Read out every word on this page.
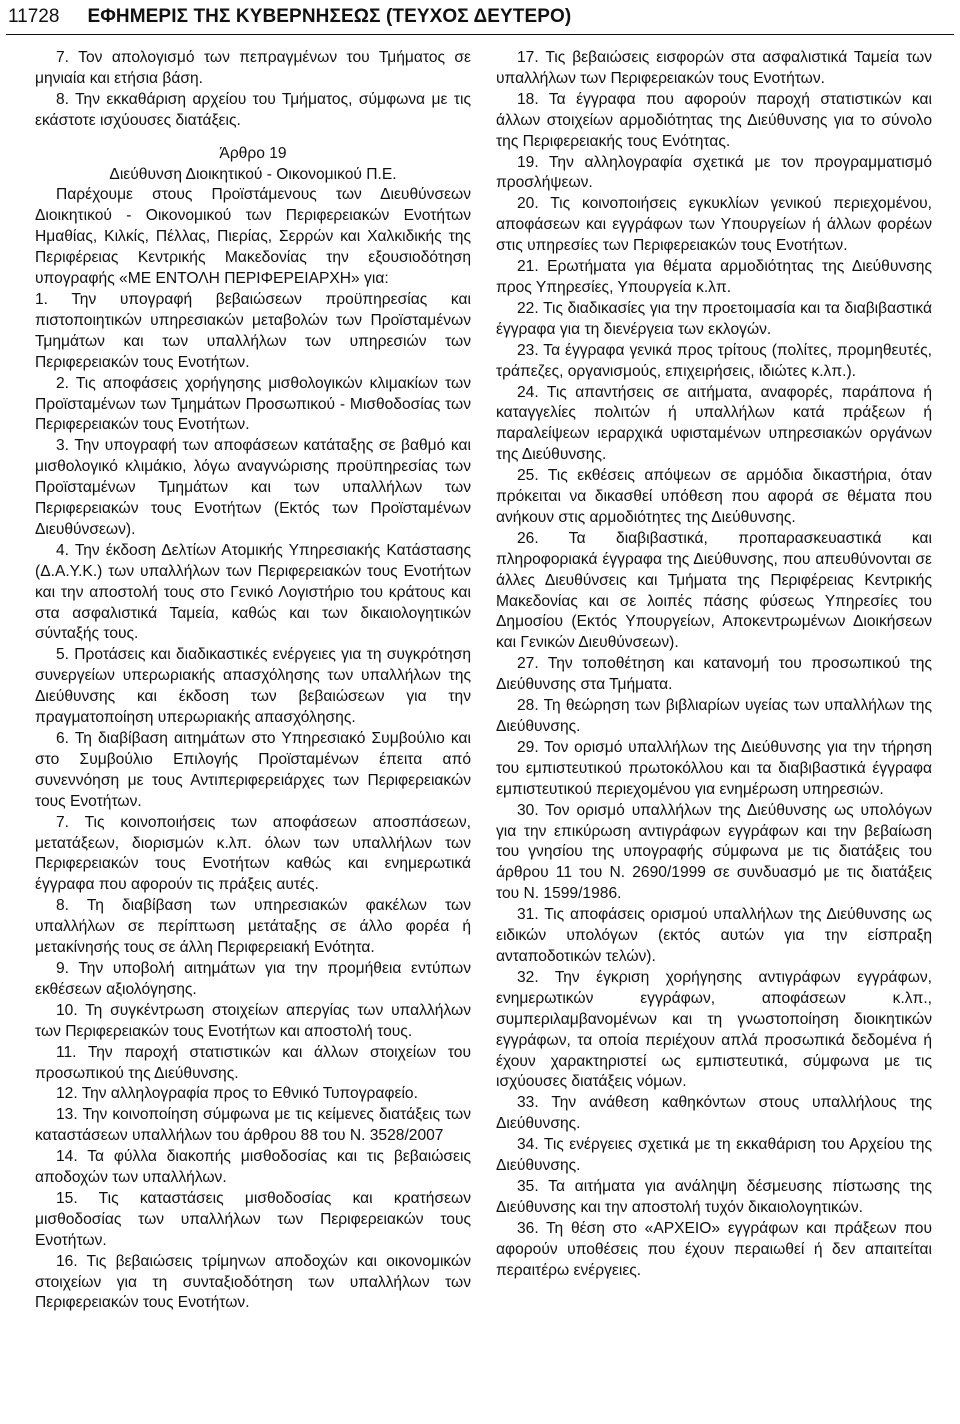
11728 ΕΦΗΜΕΡΙΣ ΤΗΣ ΚΥΒΕΡΝΗΣΕΩΣ (ΤΕΥΧΟΣ ΔΕΥΤΕΡΟ)

7. Τον απολογισμό των πεπραγμένων του Τμήματος σε μηνιαία και ετήσια βάση.

8. Την εκκαθάριση αρχείου του Τμήματος, σύμφωνα με τις εκάστοτε ισχύουσες διατάξεις.

Άρθρο 19

Διεύθυνση Διοικητικού - Οικονομικού Π.Ε.

Παρέχουμε στους Προϊστάμενους των Διευθύνσεων Διοικητικού - Οικονομικού των Περιφερειακών Ενοτήτων Ημαθίας, Κιλκίς, Πέλλας, Πιερίας, Σερρών και Χαλκιδικής της Περιφέρειας Κεντρικής Μακεδονίας την εξουσιοδότηση υπογραφής «ΜΕ ΕΝΤΟΛΗ ΠΕΡΙΦΕΡΕΙΑΡΧΗ» για:

1. Την υπογραφή βεβαιώσεων προϋπηρεσίας και πιστοποιητικών υπηρεσιακών μεταβολών των Προϊσταμένων Τμημάτων και των υπαλλήλων των υπηρεσιών των Περιφερειακών τους Ενοτήτων.

2. Τις αποφάσεις χορήγησης μισθολογικών κλιμακίων των Προϊσταμένων των Τμημάτων Προσωπικού - Μισθοδοσίας των Περιφερειακών τους Ενοτήτων.

3. Την υπογραφή των αποφάσεων κατάταξης σε βαθμό και μισθολογικό κλιμάκιο, λόγω αναγνώρισης προϋπηρεσίας των Προϊσταμένων Τμημάτων και των υπαλλήλων των Περιφερειακών τους Ενοτήτων (Εκτός των Προϊσταμένων Διευθύνσεων).

4. Την έκδοση Δελτίων Ατομικής Υπηρεσιακής Κατάστασης (Δ.Α.Υ.Κ.) των υπαλλήλων των Περιφερειακών τους Ενοτήτων και την αποστολή τους στο Γενικό Λογιστήριο του κράτους και στα ασφαλιστικά Ταμεία, καθώς και των δικαιολογητικών σύνταξής τους.

5. Προτάσεις και διαδικαστικές ενέργειες για τη συγκρότηση συνεργείων υπερωριακής απασχόλησης των υπαλλήλων της Διεύθυνσης και έκδοση των βεβαιώσεων για την πραγματοποίηση υπερωριακής απασχόλησης.

6. Τη διαβίβαση αιτημάτων στο Υπηρεσιακό Συμβούλιο και στο Συμβούλιο Επιλογής Προϊσταμένων έπειτα από συνεννόηση με τους Αντιπεριφερειάρχες των Περιφερειακών τους Ενοτήτων.

7. Τις κοινοποιήσεις των αποφάσεων αποσπάσεων, μετατάξεων, διορισμών κ.λπ. όλων των υπαλλήλων των Περιφερειακών τους Ενοτήτων καθώς και ενημερωτικά έγγραφα που αφορούν τις πράξεις αυτές.

8. Τη διαβίβαση των υπηρεσιακών φακέλων των υπαλλήλων σε περίπτωση μετάταξης σε άλλο φορέα ή μετακίνησής τους σε άλλη Περιφερειακή Ενότητα.

9. Την υποβολή αιτημάτων για την προμήθεια εντύπων εκθέσεων αξιολόγησης.

10. Τη συγκέντρωση στοιχείων απεργίας των υπαλλήλων των Περιφερειακών τους Ενοτήτων και αποστολή τους.

11. Την παροχή στατιστικών και άλλων στοιχείων του προσωπικού της Διεύθυνσης.

12. Την αλληλογραφία προς το Εθνικό Τυπογραφείο.

13. Την κοινοποίηση σύμφωνα με τις κείμενες διατάξεις των καταστάσεων υπαλλήλων του άρθρου 88 του Ν. 3528/2007

14. Τα φύλλα διακοπής μισθοδοσίας και τις βεβαιώσεις αποδοχών των υπαλλήλων.

15. Τις καταστάσεις μισθοδοσίας και κρατήσεων μισθοδοσίας των υπαλλήλων των Περιφερειακών τους Ενοτήτων.

16. Τις βεβαιώσεις τρίμηνων αποδοχών και οικονομικών στοιχείων για τη συνταξιοδότηση των υπαλλήλων των Περιφερειακών τους Ενοτήτων.

17. Τις βεβαιώσεις εισφορών στα ασφαλιστικά Ταμεία των υπαλλήλων των Περιφερειακών τους Ενοτήτων.

18. Τα έγγραφα που αφορούν παροχή στατιστικών και άλλων στοιχείων αρμοδιότητας της Διεύθυνσης για το σύνολο της Περιφερειακής τους Ενότητας.

19. Την αλληλογραφία σχετικά με τον προγραμματισμό προσλήψεων.

20. Τις κοινοποιήσεις εγκυκλίων γενικού περιεχομένου, αποφάσεων και εγγράφων των Υπουργείων ή άλλων φορέων στις υπηρεσίες των Περιφερειακών τους Ενοτήτων.

21. Ερωτήματα για θέματα αρμοδιότητας της Διεύθυνσης προς Υπηρεσίες, Υπουργεία κ.λπ.

22. Τις διαδικασίες για την προετοιμασία και τα διαβιβαστικά έγγραφα για τη διενέργεια των εκλογών.

23. Τα έγγραφα γενικά προς τρίτους (πολίτες, προμηθευτές, τράπεζες, οργανισμούς, επιχειρήσεις, ιδιώτες κ.λπ.).

24. Τις απαντήσεις σε αιτήματα, αναφορές, παράπονα ή καταγγελίες πολιτών ή υπαλλήλων κατά πράξεων ή παραλείψεων ιεραρχικά υφισταμένων υπηρεσιακών οργάνων της Διεύθυνσης.

25. Τις εκθέσεις απόψεων σε αρμόδια δικαστήρια, όταν πρόκειται να δικασθεί υπόθεση που αφορά σε θέματα που ανήκουν στις αρμοδιότητες της Διεύθυνσης.

26. Τα διαβιβαστικά, προπαρασκευαστικά και πληροφοριακά έγγραφα της Διεύθυνσης, που απευθύνονται σε άλλες Διευθύνσεις και Τμήματα της Περιφέρειας Κεντρικής Μακεδονίας και σε λοιπές πάσης φύσεως Υπηρεσίες του Δημοσίου (Εκτός Υπουργείων, Αποκεντρωμένων Διοικήσεων και Γενικών Διευθύνσεων).

27. Την τοποθέτηση και κατανομή του προσωπικού της Διεύθυνσης στα Τμήματα.

28. Τη θεώρηση των βιβλιαρίων υγείας των υπαλλήλων της Διεύθυνσης.

29. Τον ορισμό υπαλλήλων της Διεύθυνσης για την τήρηση του εμπιστευτικού πρωτοκόλλου και τα διαβιβαστικά έγγραφα εμπιστευτικού περιεχομένου για ενημέρωση υπηρεσιών.

30. Τον ορισμό υπαλλήλων της Διεύθυνσης ως υπολόγων για την επικύρωση αντιγράφων εγγράφων και την βεβαίωση του γνησίου της υπογραφής σύμφωνα με τις διατάξεις του άρθρου 11 του Ν. 2690/1999 σε συνδυασμό με τις διατάξεις του Ν. 1599/1986.

31. Τις αποφάσεις ορισμού υπαλλήλων της Διεύθυνσης ως ειδικών υπολόγων (εκτός αυτών για την είσπραξη ανταποδοτικών τελών).

32. Την έγκριση χορήγησης αντιγράφων εγγράφων, ενημερωτικών εγγράφων, αποφάσεων κ.λπ., συμπεριλαμβανομένων και τη γνωστοποίηση διοικητικών εγγράφων, τα οποία περιέχουν απλά προσωπικά δεδομένα ή έχουν χαρακτηριστεί ως εμπιστευτικά, σύμφωνα με τις ισχύουσες διατάξεις νόμων.

33. Την ανάθεση καθηκόντων στους υπαλλήλους της Διεύθυνσης.

34. Τις ενέργειες σχετικά με τη εκκαθάριση του Αρχείου της Διεύθυνσης.

35. Τα αιτήματα για ανάληψη δέσμευσης πίστωσης της Διεύθυνσης και την αποστολή τυχόν δικαιολογητικών.

36. Τη θέση στο «ΑΡΧΕΙΟ» εγγράφων και πράξεων που αφορούν υποθέσεις που έχουν περαιωθεί ή δεν απαιτείται περαιτέρω ενέργειες.
